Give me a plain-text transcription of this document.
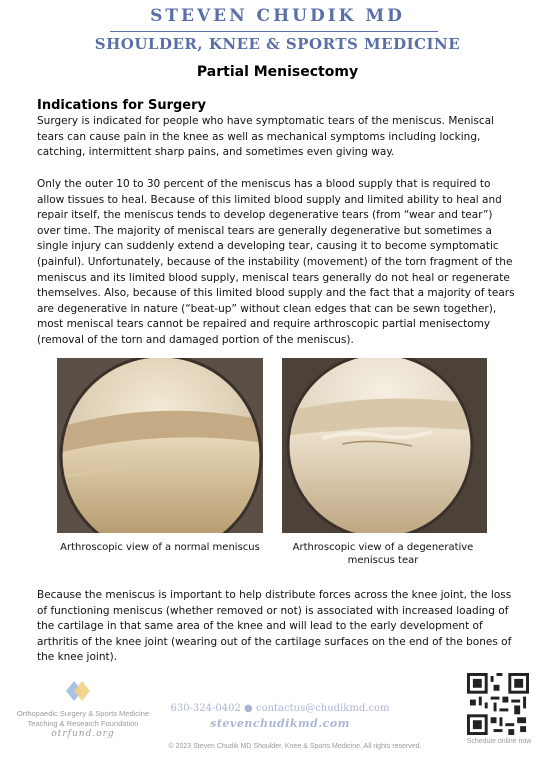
STEVEN CHUDIK MD
SHOULDER, KNEE & SPORTS MEDICINE
Partial Menisectomy
Indications for Surgery
Surgery is indicated for people who have symptomatic tears of the meniscus. Meniscal tears can cause pain in the knee as well as mechanical symptoms including locking, catching, intermittent sharp pains, and sometimes even giving way.
Only the outer 10 to 30 percent of the meniscus has a blood supply that is required to allow tissues to heal. Because of this limited blood supply and limited ability to heal and repair itself, the meniscus tends to develop degenerative tears (from “wear and tear”) over time. The majority of meniscal tears are generally degenerative but sometimes a single injury can suddenly extend a developing tear, causing it to become symptomatic (painful). Unfortunately, because of the instability (movement) of the torn fragment of the meniscus and its limited blood supply, meniscal tears generally do not heal or regenerate themselves. Also, because of this limited blood supply and the fact that a majority of tears are degenerative in nature (“beat-up” without clean edges that can be sewn together), most meniscal tears cannot be repaired and require arthroscopic partial menisectomy (removal of the torn and damaged portion of the meniscus).
Arthroscopic view of a normal meniscus	Arthroscopic view of a degenerative meniscus tear
Because the meniscus is important to help distribute forces across the knee joint, the loss of functioning meniscus (whether removed or not) is associated with increased loading of the cartilage in that same area of the knee and will lead to the early development of arthritis of the knee joint (wearing out of the cartilage surfaces on the end of the bones of the knee joint).
Orthopaedic Surgery & Sports Medicine
Teaching & Research Foundation
otrfund.org
630-324-0402 ● contactus@chudikmd.com
stevenchudikmd.com
© 2023 Steven Chudik MD Shoulder, Knee & Sports Medicine. All rights reserved.
Schedule online now
